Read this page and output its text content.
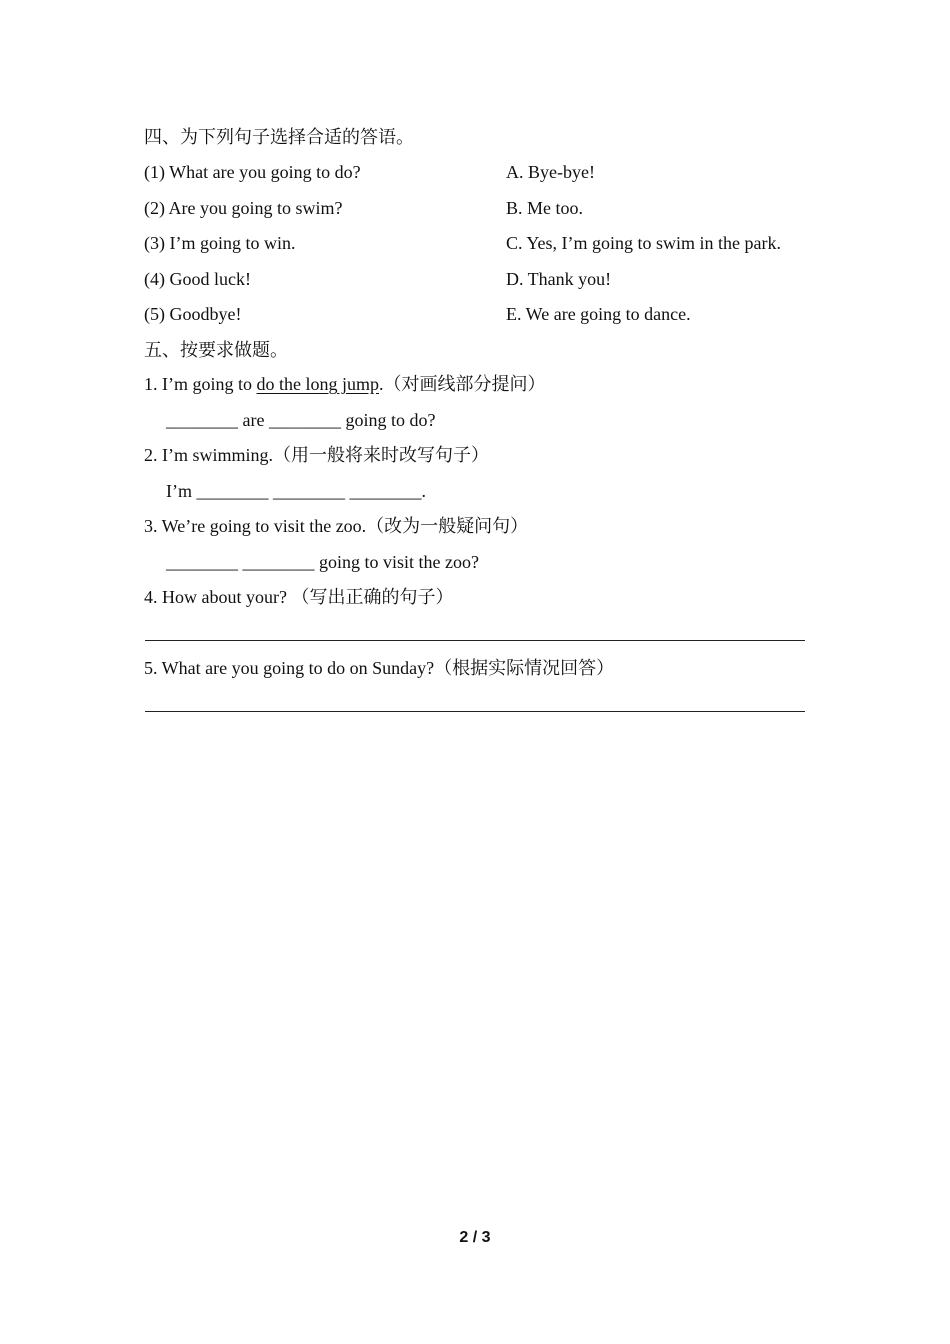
四、为下列句子选择合适的答语。
(1) What are you going to do?	A. Bye-bye!
(2) Are you going to swim?	B. Me too.
(3) I’m going to win.	C. Yes, I’m going to swim in the park.
(4) Good luck!	D. Thank you!
(5) Goodbye!	E. We are going to dance.
五、按要求做题。
1. I’m going to do the long jump.（对画线部分提问）
________ are ________ going to do?
2. I’m swimming.（用一般将来时改写句子）
I’m ________ ________ ________.
3. We’re going to visit the zoo.（改为一般疑问句）
________ ________ going to visit the zoo?
4. How about your? （写出正确的句子）
5. What are you going to do on Sunday?（根据实际情况回答）
2 / 3
